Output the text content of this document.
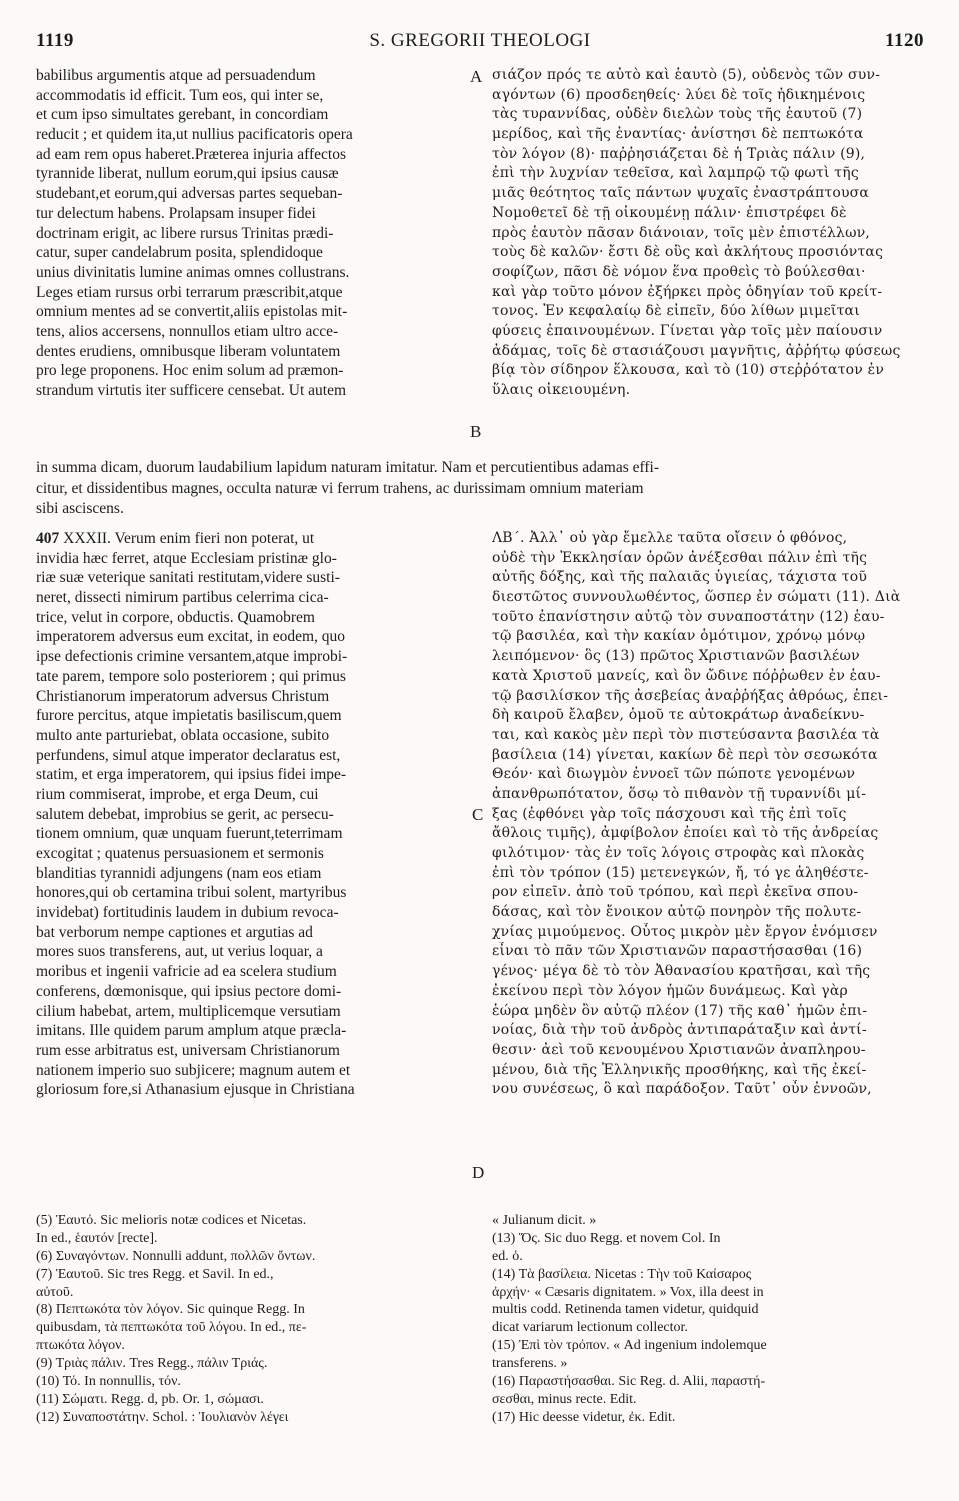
1119	S. GREGORII THEOLOGI	1120
A
B
C
D
babilibus argumentis atque ad persuadendum
accommodatis id efficit. Tum eos, qui inter se,
et cum ipso simultates gerebant, in concordiam
reducit ; et quidem ita,ut nullius pacificatoris opera
ad eam rem opus haberet.Præterea injuria affectos
tyrannide liberat, nullum eorum,qui ipsius causæ
studebant,et eorum,qui adversas partes sequeban-
tur delectum habens. Prolapsam insuper fidei
doctrinam erigit, ac libere rursus Trinitas prædi-
catur, super candelabrum posita, splendidoque
unius divinitatis lumine animas omnes collustrans.
Leges etiam rursus orbi terrarum præscribit,atque
omnium mentes ad se convertit,aliis epistolas mit-
tens, alios accersens, nonnullos etiam ultro acce-
dentes erudiens, omnibusque liberam voluntatem
pro lege proponens. Hoc enim solum ad præmon-
strandum virtutis iter sufficere censebat. Ut autem
σιάζον πρός τε αὐτὸ καὶ ἑαυτὸ (5), οὐδενὸς τῶν συν-
αγόντων (6) προσδεηθείς· λύει δὲ τοῖς ἠδικημένοις
τὰς τυραννίδας, οὐδὲν διελὼν τοὺς τῆς ἑαυτοῦ (7)
μερίδος, καὶ τῆς ἐναντίας· ἀνίστησι δὲ πεπτωκότα
τὸν λόγον (8)· παῤῥησιάζεται δὲ ἡ Τριὰς πάλιν (9),
ἐπὶ τὴν λυχνίαν τεθεῖσα, καὶ λαμπρῷ τῷ φωτὶ τῆς
μιᾶς θεότητος ταῖς πάντων ψυχαῖς ἐναστράπτουσα
Νομοθετεῖ δὲ τῇ οἰκουμένῃ πάλιν· ἐπιστρέφει δὲ
πρὸς ἑαυτὸν πᾶσαν διάνοιαν, τοῖς μὲν ἐπιστέλλων,
τοὺς δὲ καλῶν· ἔστι δὲ οὓς καὶ ἀκλήτους προσιόντας
σοφίζων, πᾶσι δὲ νόμον ἕνα προθεὶς τὸ βούλεσθαι·
καὶ γὰρ τοῦτο μόνον ἐξήρκει πρὸς ὁδηγίαν τοῦ κρείτ-
τονος. Ἐν κεφαλαίῳ δὲ εἰπεῖν, δύο λίθων μιμεῖται
φύσεις ἐπαινουμένων. Γίνεται γὰρ τοῖς μὲν παίουσιν
ἀδάμας, τοῖς δὲ στασιάζουσι μαγνῆτις, ἀῤῥήτῳ φύσεως
βίᾳ τὸν σίδηρον ἕλκουσα, καὶ τὸ (10) στεῤῥότατον ἐν
ὕλαις οἰκειουμένη.
in summa dicam, duorum laudabilium lapidum naturam imitatur. Nam et percutientibus adamas effi-
citur, et dissidentibus magnes, occulta naturæ vi ferrum trahens, ac durissimam omnium materiam
sibi asciscens.
407 XXXII. Verum enim fieri non poterat, ut
invidia hæc ferret, atque Ecclesiam pristinæ glo-
riæ suæ veterique sanitati restitutam,videre susti-
neret, dissecti nimirum partibus celerrima cica-
trice, velut in corpore, obductis. Quamobrem
imperatorem adversus eum excitat, in eodem, quo
ipse defectionis crimine versantem,atque improbi-
tate parem, tempore solo posteriorem ; qui primus
Christianorum imperatorum adversus Christum
furore percitus, atque impietatis basiliscum,quem
multo ante parturiebat, oblata occasione, subito
perfundens, simul atque imperator declaratus est,
statim, et erga imperatorem, qui ipsius fidei impe-
rium commiserat, improbe, et erga Deum, cui
salutem debebat, improbius se gerit, ac persecu-
tionem omnium, quæ unquam fuerunt,teterrimam
excogitat ; quatenus persuasionem et sermonis
blanditias tyrannidi adjungens (nam eos etiam
honores,qui ob certamina tribui solent, martyribus
invidebat) fortitudinis laudem in dubium revoca-
bat verborum nempe captiones et argutias ad
mores suos transferens, aut, ut verius loquar, a
moribus et ingenii vafricie ad ea scelera studium
conferens, dœmonisque, qui ipsius pectore domi-
cilium habebat, artem, multiplicemque versutiam
imitans. Ille quidem parum amplum atque præcla-
rum esse arbitratus est, universam Christianorum
nationem imperio suo subjicere; magnum autem et
gloriosum fore,si Athanasium ejusque in Christiana
ΛΒ΄. Ἀλλ᾽ οὐ γὰρ ἔμελλε ταῦτα οἴσειν ὁ φθόνος,
οὐδὲ τὴν Ἐκκλησίαν ὁρῶν ἀνέξεσθαι πάλιν ἐπὶ τῆς
αὐτῆς δόξης, καὶ τῆς παλαιᾶς ὑγιείας, τάχιστα τοῦ
διεστῶτος συννουλωθέντος, ὥσπερ ἐν σώματι (11). Διὰ
τοῦτο ἐπανίστησιν αὐτῷ τὸν συναποστάτην (12) ἑαυ-
τῷ βασιλέα, καὶ τὴν κακίαν ὁμότιμον, χρόνῳ μόνῳ
λειπόμενον· ὃς (13) πρῶτος Χριστιανῶν βασιλέων
κατὰ Χριστοῦ μανείς, καὶ ὃν ὤδινε πόῤῥωθεν ἐν ἑαυ-
τῷ βασιλίσκον τῆς ἀσεβείας ἀναῤῥήξας ἀθρόως, ἐπει-
δὴ καιροῦ ἔλαβεν, ὁμοῦ τε αὐτοκράτωρ ἀναδείκνυ-
ται, καὶ κακὸς μὲν περὶ τὸν πιστεύσαντα βασιλέα τὰ
βασίλεια (14) γίνεται, κακίων δὲ περὶ τὸν σεσωκότα
Θεόν· καὶ διωγμὸν ἐννοεῖ τῶν πώποτε γενομένων
ἀπανθρωπότατον, ὅσῳ τὸ πιθανὸν τῇ τυραννίδι μί-
ξας (ἐφθόνει γὰρ τοῖς πάσχουσι καὶ τῆς ἐπὶ τοῖς
ἄθλοις τιμῆς), ἀμφίβολον ἐποίει καὶ τὸ τῆς ἀνδρείας
φιλότιμον· τὰς ἐν τοῖς λόγοις στροφὰς καὶ πλοκὰς
ἐπὶ τὸν τρόπον (15) μετενεγκών, ἤ, τό γε ἀληθέστε-
ρον εἰπεῖν. ἀπὸ τοῦ τρόπου, καὶ περὶ ἐκεῖνα σπου-
δάσας, καὶ τὸν ἔνοικον αὐτῷ πονηρὸν τῆς πολυτε-
χνίας μιμούμενος. Οὗτος μικρὸν μὲν ἔργον ἐνόμισεν
εἶναι τὸ πᾶν τῶν Χριστιανῶν παραστήσασθαι (16)
γένος· μέγα δὲ τὸ τὸν Ἀθανασίου κρατῆσαι, καὶ τῆς
ἐκείνου περὶ τὸν λόγον ἡμῶν δυνάμεως. Καὶ γὰρ
ἑώρα μηδὲν ὂν αὐτῷ πλέον (17) τῆς καθ᾽ ἡμῶν ἐπι-
νοίας, διὰ τὴν τοῦ ἀνδρὸς ἀντιπαράταξιν καὶ ἀντί-
θεσιν· ἀεὶ τοῦ κενουμένου Χριστιανῶν ἀναπληρου-
μένου, διὰ τῆς Ἑλληνικῆς προσθήκης, καὶ τῆς ἐκεί-
νου συνέσεως, ὃ καὶ παράδοξον. Ταῦτ᾽ οὖν ἐννοῶν,
(5) Ἑαυτό. Sic melioris notæ codices et Nicetas.
In ed., ἑαυτόν [recte].
(6) Συναγόντων. Nonnulli addunt, πολλῶν ὄντων.
(7) Ἑαυτοῦ. Sic tres Regg. et Savil. In ed.,
αὐτοῦ.
(8) Πεπτωκότα τὸν λόγον. Sic quinque Regg. In
quibusdam, τὰ πεπτωκότα τοῦ λόγου. In ed., πε-
πτωκότα λόγον.
(9) Τριὰς πάλιν. Tres Regg., πάλιν Τριάς.
(10) Τό. In nonnullis, τόν.
(11) Σώματι. Regg. d, pb. Or. 1, σώμασι.
(12) Συναποστάτην. Schol. : Ἰουλιανὸν λέγει
« Julianum dicit. »
(13) Ὅς. Sic duo Regg. et novem Col. In
ed. ὁ.
(14) Τὰ βασίλεια. Nicetas : Τὴν τοῦ Καίσαρος
ἀρχήν· « Cæsaris dignitatem. » Vox, illa deest in
multis codd. Retinenda tamen videtur, quidquid
dicat variarum lectionum collector.
(15) Ἐπὶ τὸν τρόπον. « Ad ingenium indolemque
transferens. »
(16) Παραστήσασθαι. Sic Reg. d. Alii, παραστή-
σεσθαι, minus recte. Edit.
(17) Hic deesse videtur, ἐκ. Edit.
